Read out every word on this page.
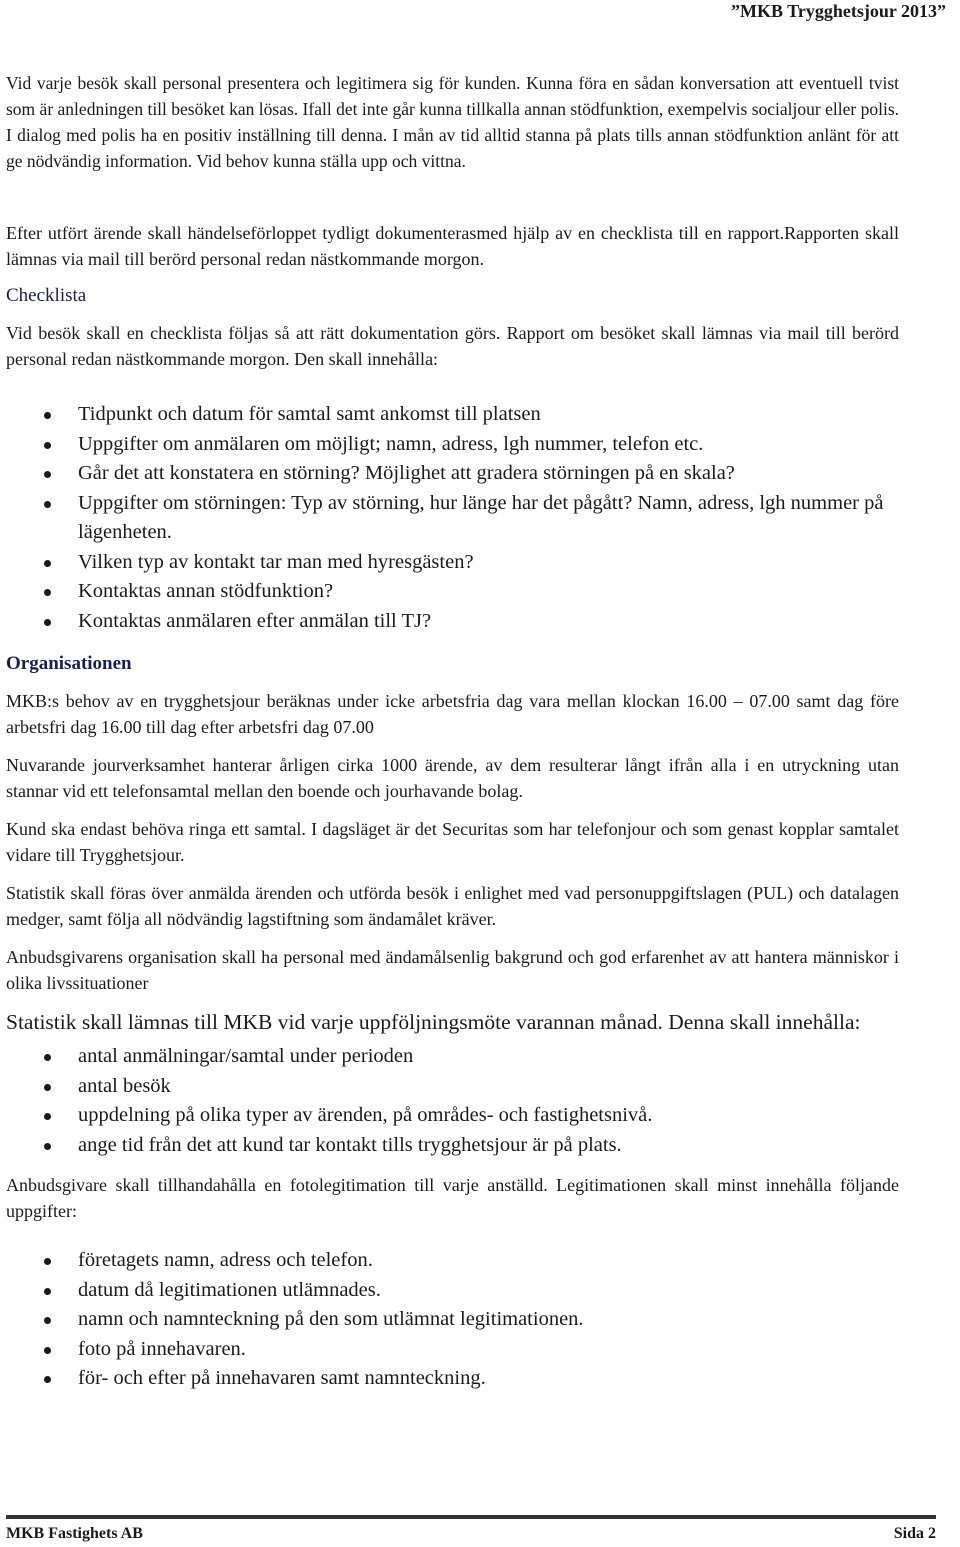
”MKB Trygghetsjour 2013”

Vid varje besök skall personal presentera och legitimera sig för kunden. Kunna föra en sådan konversation att eventuell tvist som är anledningen till besöket kan lösas. Ifall det inte går kunna tillkalla annan stödfunktion, exempelvis socialjour eller polis. I dialog med polis ha en positiv inställning till denna. I mån av tid alltid stanna på plats tills annan stödfunktion anlänt för att ge nödvändig information. Vid behov kunna ställa upp och vittna.

Efter utfört ärende skall händelseförloppet tydligt dokumenterasmed hjälp av en checklista till en rapport.Rapporten skall lämnas via mail till berörd personal redan nästkommande morgon.

Checklista

Vid besök skall en checklista följas så att rätt dokumentation görs. Rapport om besöket skall lämnas via mail till berörd personal redan nästkommande morgon. Den skall innehålla:

Tidpunkt och datum för samtal samt ankomst till platsen
Uppgifter om anmälaren om möjligt; namn, adress, lgh nummer, telefon etc.
Går det att konstatera en störning? Möjlighet att gradera störningen på en skala?
Uppgifter om störningen: Typ av störning, hur länge har det pågått? Namn, adress, lgh nummer på lägenheten.
Vilken typ av kontakt tar man med hyresgästen?
Kontaktas annan stödfunktion?
Kontaktas anmälaren efter anmälan till TJ?
Organisationen

MKB:s behov av en trygghetsjour beräknas under icke arbetsfria dag vara mellan klockan 16.00 – 07.00 samt dag före arbetsfri dag 16.00 till dag efter arbetsfri dag 07.00

Nuvarande jourverksamhet hanterar årligen cirka 1000 ärende, av dem resulterar långt ifrån alla i en utryckning utan stannar vid ett telefonsamtal mellan den boende och jourhavande bolag.

Kund ska endast behöva ringa ett samtal. I dagsläget är det Securitas som har telefonjour och som genast kopplar samtalet vidare till Trygghetsjour.

Statistik skall föras över anmälda ärenden och utförda besök i enlighet med vad personuppgiftslagen (PUL) och datalagen medger, samt följa all nödvändig lagstiftning som ändamålet kräver.

Anbudsgivarens organisation skall ha personal med ändamålsenlig bakgrund och god erfarenhet av att hantera människor i olika livssituationer

Statistik skall lämnas till MKB vid varje uppföljningsmöte varannan månad. Denna skall innehålla:

antal anmälningar/samtal under perioden
antal besök
uppdelning på olika typer av ärenden, på områdes- och fastighetsnivå.
ange tid från det att kund tar kontakt tills trygghetsjour är på plats.

Anbudsgivare skall tillhandahålla en fotolegitimation till varje anställd. Legitimationen skall minst innehålla följande uppgifter:

företagets namn, adress och telefon.
datum då legitimationen utlämnades.
namn och namnteckning på den som utlämnat legitimationen.
foto på innehavaren.
för- och efter på innehavaren samt namnteckning.
MKB Fastighets AB	Sida 2
